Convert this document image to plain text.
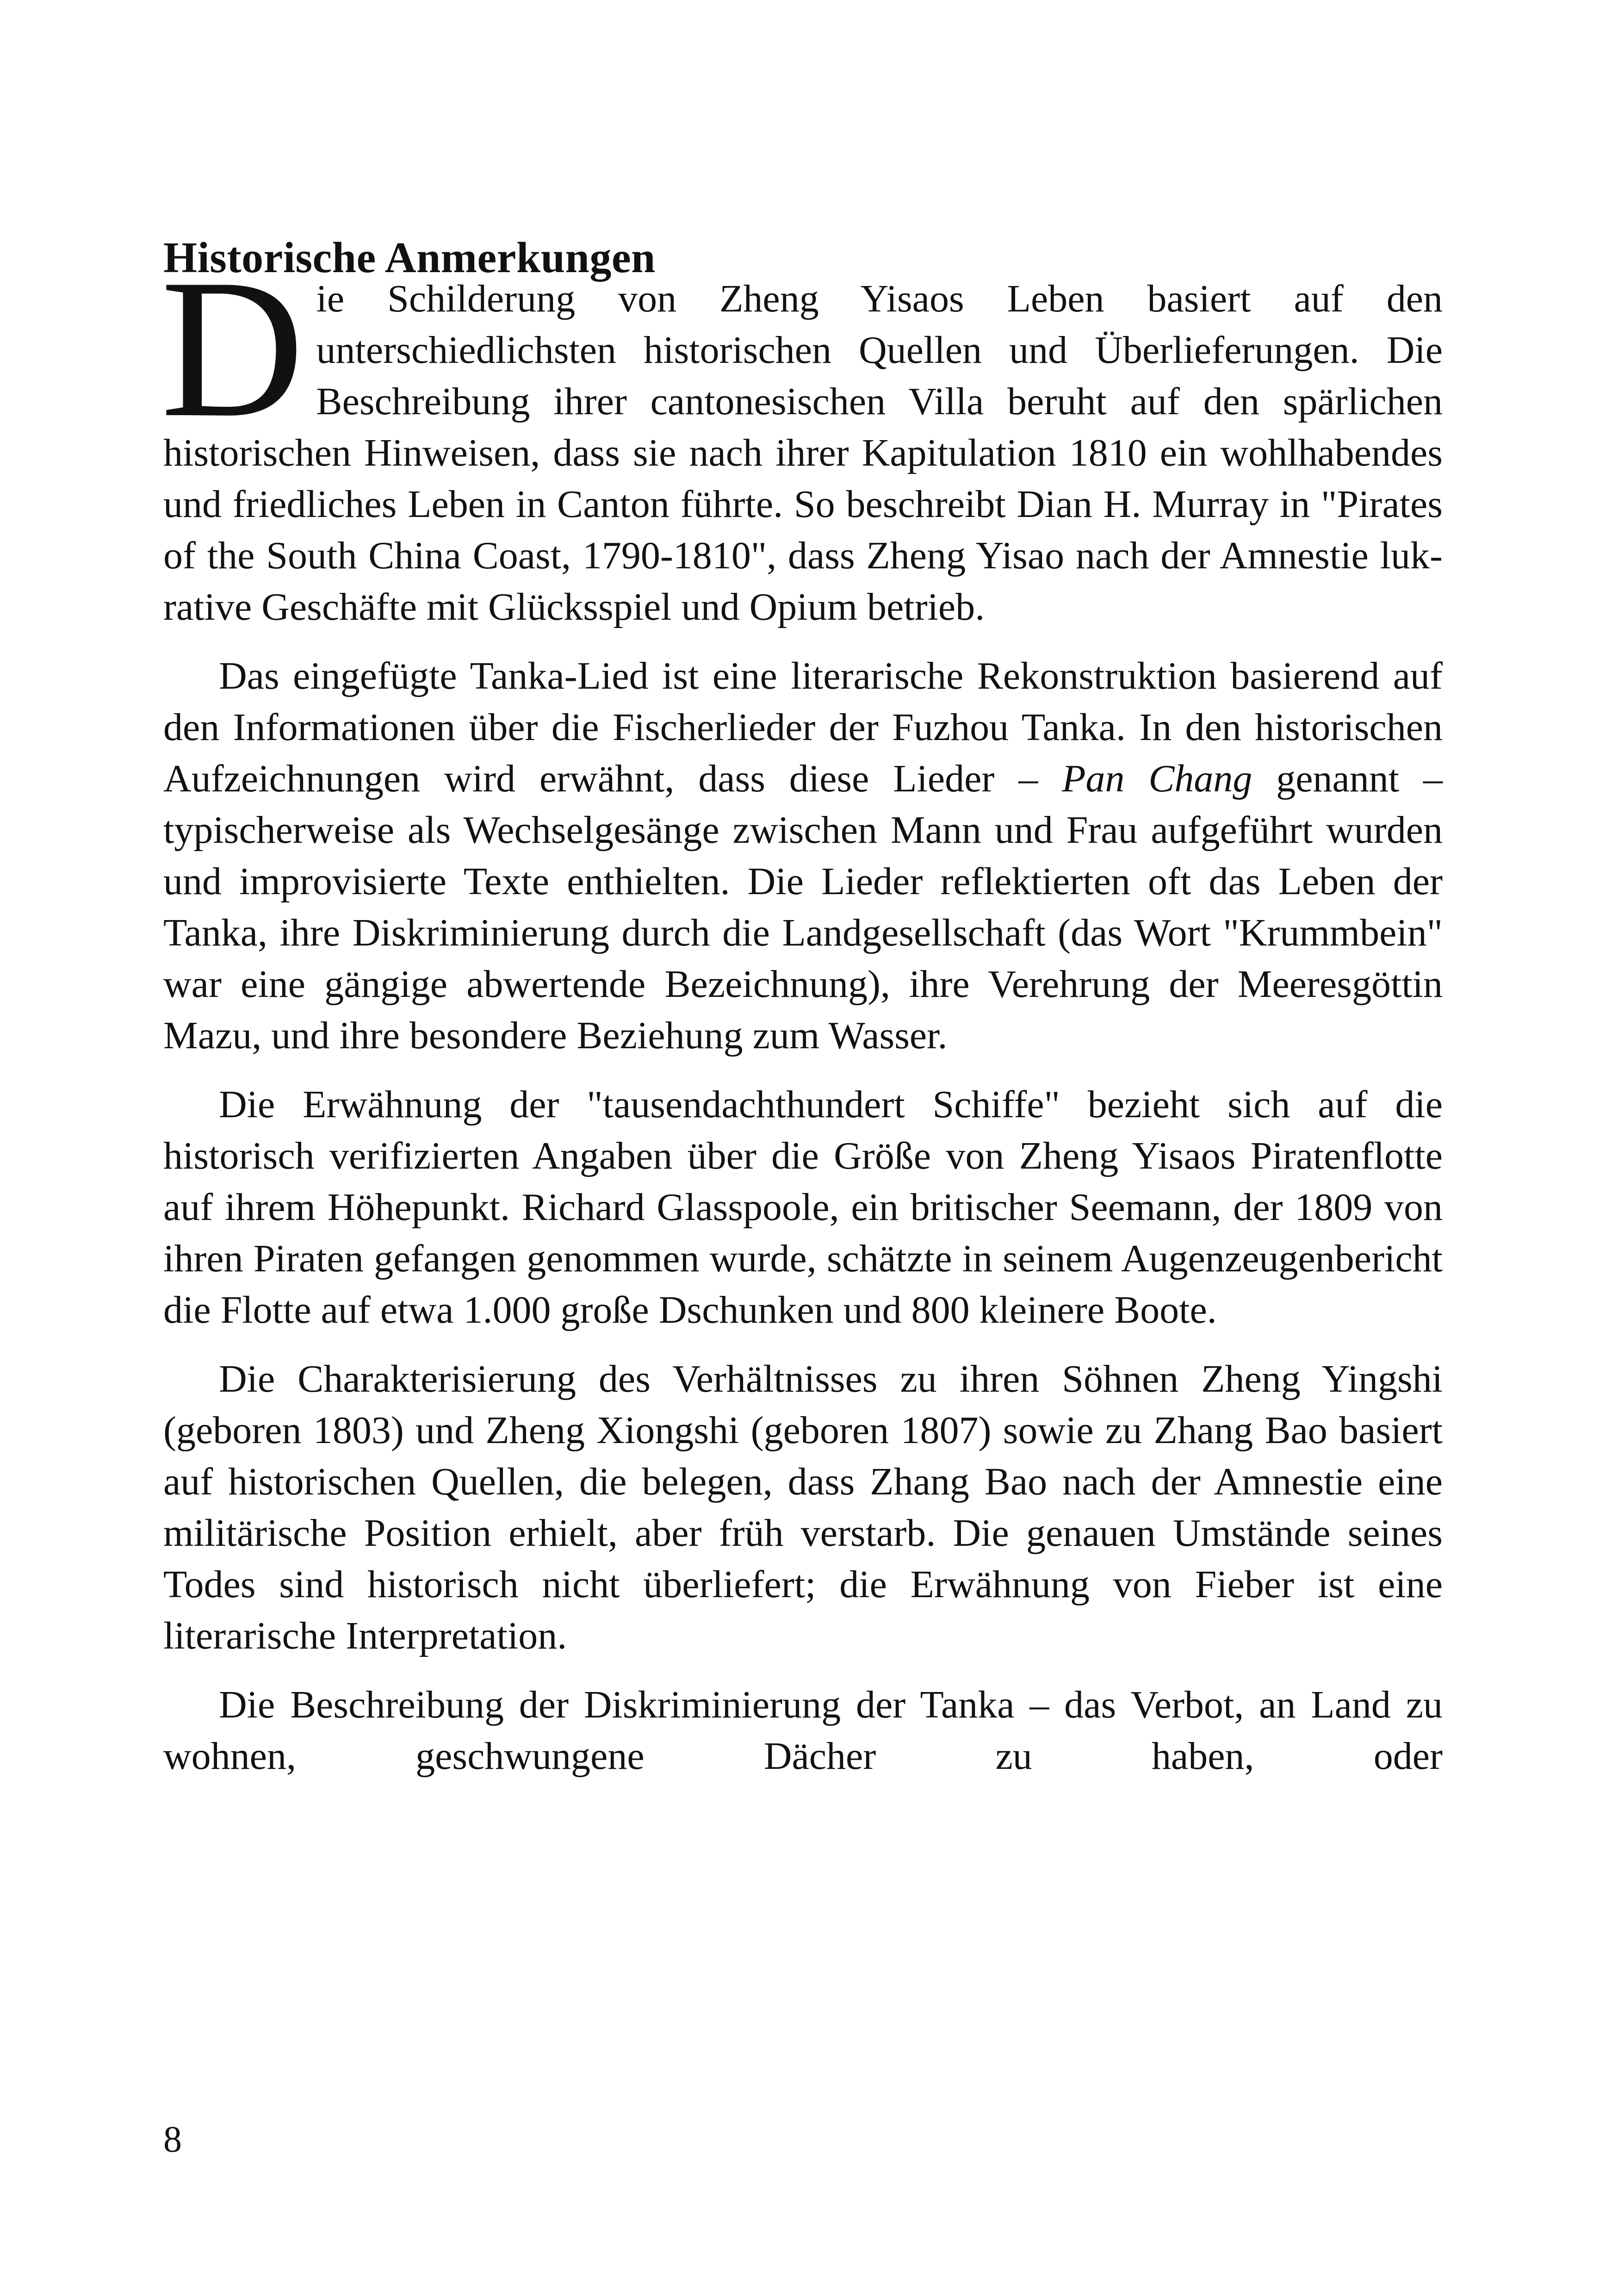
Historische Anmerkungen

Die Schilderung von Zheng Yisaos Leben basiert auf den unterschiedlichsten historischen Quellen und Überlieferungen. Die Beschreibung ihrer cantonesischen Villa beruht auf den spärlichen historischen Hinweisen, dass sie nach ihrer Kapitulation 1810 ein wohlhabendes und friedliches Leben in Canton führte. So beschreibt Dian H. Murray in "Pirates of the South China Coast, 1790-1810", dass Zheng Yisao nach der Amnestie lukrative Geschäfte mit Glücksspiel und Opium betrieb.

Das eingefügte Tanka-Lied ist eine literarische Rekonstruktion basierend auf den Informationen über die Fischerlieder der Fuzhou Tanka. In den historischen Aufzeichnungen wird erwähnt, dass diese Lieder – Pan Chang genannt – typischerweise als Wechselgesänge zwischen Mann und Frau aufgeführt wurden und improvisierte Texte enthielten. Die Lieder reflektierten oft das Leben der Tanka, ihre Diskriminierung durch die Landgesellschaft (das Wort "Krummbein" war eine gängige abwertende Bezeichnung), ihre Verehrung der Meeresgöttin Mazu, und ihre besondere Beziehung zum Wasser.

Die Erwähnung der "tausendachthundert Schiffe" bezieht sich auf die historisch verifizierten Angaben über die Größe von Zheng Yisaos Piratenflotte auf ihrem Höhepunkt. Richard Glasspoole, ein britischer Seemann, der 1809 von ihren Piraten gefangen genommen wurde, schätzte in seinem Augenzeugenbericht die Flotte auf etwa 1.000 große Dschunken und 800 kleinere Boote.

Die Charakterisierung des Verhältnisses zu ihren Söhnen Zheng Yingshi (geboren 1803) und Zheng Xiongshi (geboren 1807) sowie zu Zhang Bao basiert auf historischen Quellen, die belegen, dass Zhang Bao nach der Amnestie eine militärische Position erhielt, aber früh verstarb. Die genauen Umstände seines Todes sind historisch nicht überliefert; die Erwähnung von Fieber ist eine literarische Interpretation.

Die Beschreibung der Diskriminierung der Tanka – das Verbot, an Land zu wohnen, geschwungene Dächer zu haben, oder

8
